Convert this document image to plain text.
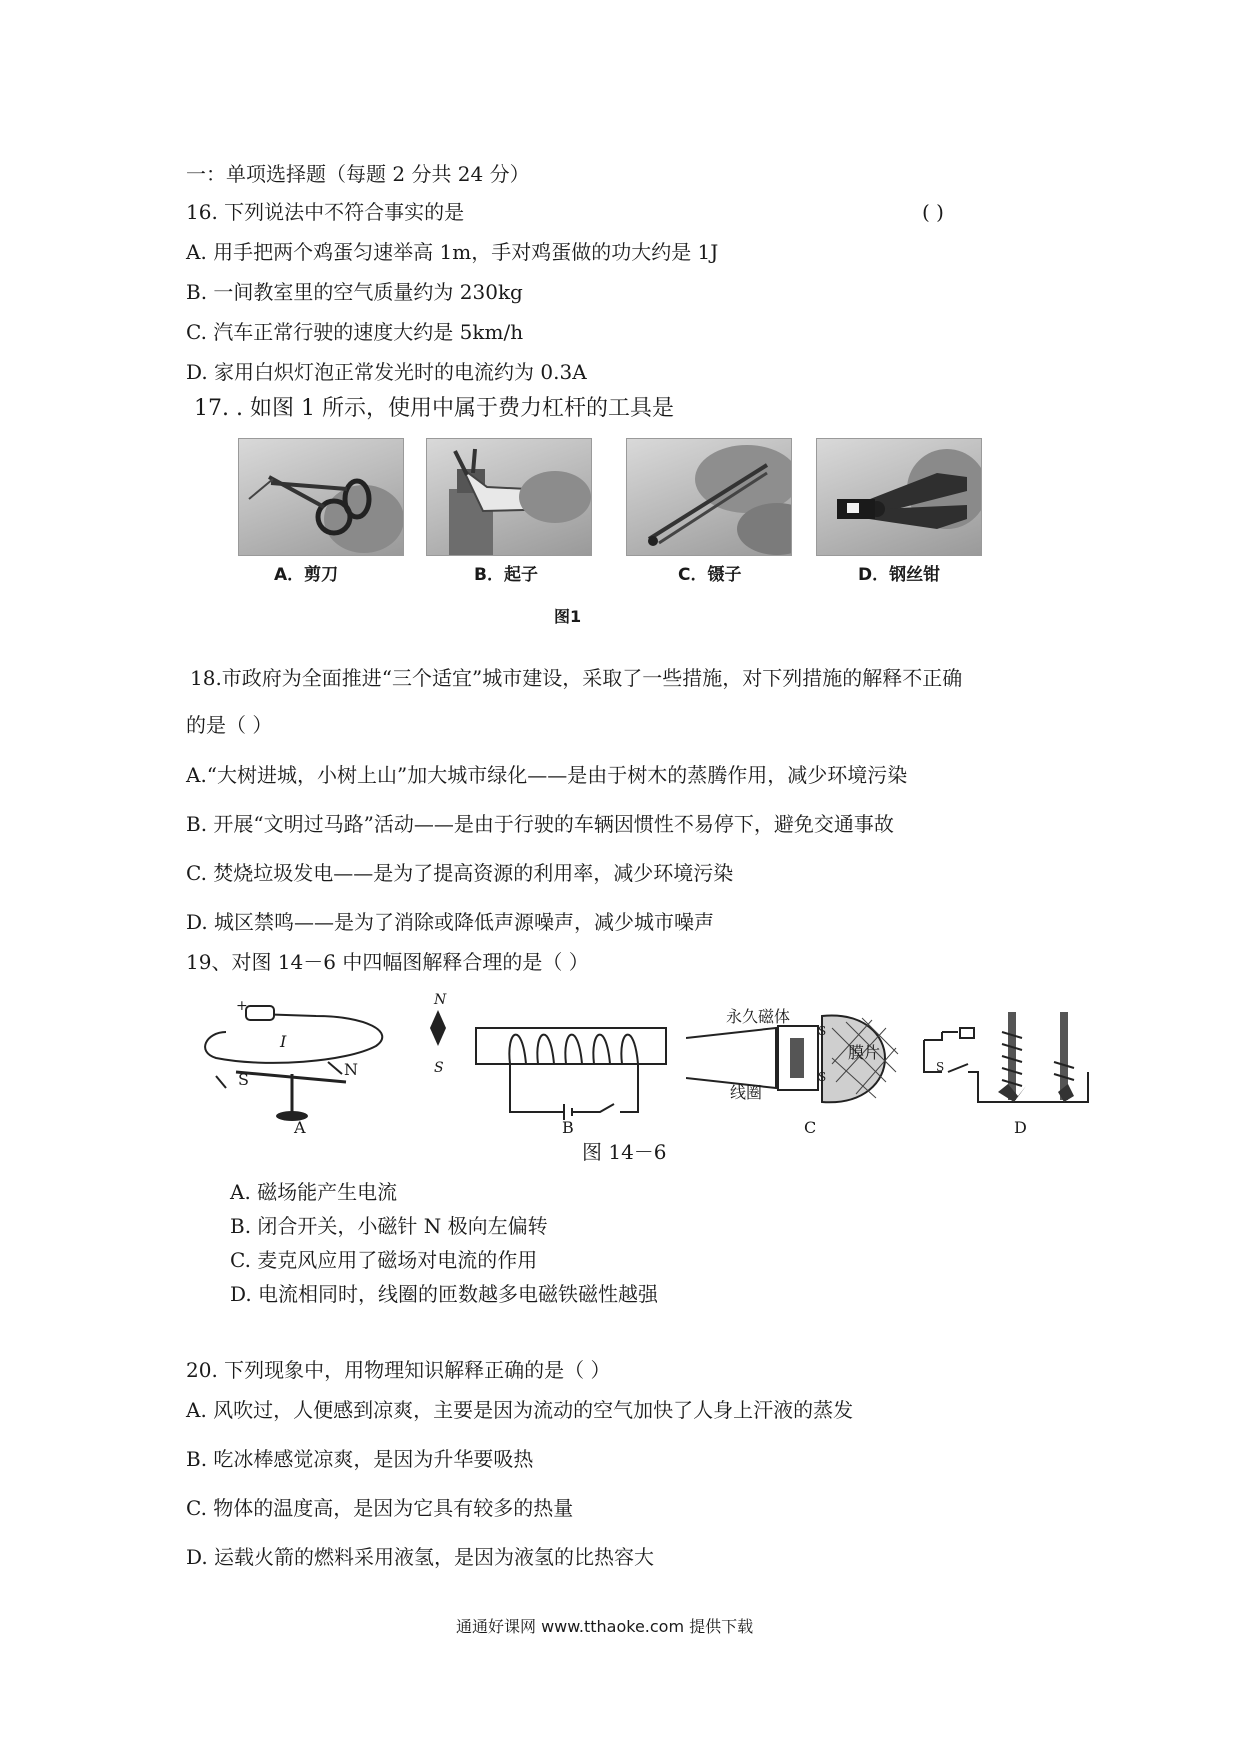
一：单项选择题（每题 2 分共 24 分）
16. 下列说法中不符合事实的是	( )
A. 用手把两个鸡蛋匀速举高 1m，手对鸡蛋做的功大约是 1J
B. 一间教室里的空气质量约为 230kg
C. 汽车正常行驶的速度大约是 5km/h
D. 家用白炽灯泡正常发光时的电流约为 0.3A
17. . 如图 1 所示，使用中属于费力杠杆的工具是
A．剪刀	B．起子	C．镊子	D．钢丝钳
图1
18.市政府为全面推进“三个适宜”城市建设，采取了一些措施，对下列措施的解释不正确
的是（ ）
A.“大树进城，小树上山”加大城市绿化——是由于树木的蒸腾作用，减少环境污染
B. 开展“文明过马路”活动——是由于行驶的车辆因惯性不易停下，避免交通事故
C. 焚烧垃圾发电——是为了提高资源的利用率，减少环境污染
D. 城区禁鸣——是为了消除或降低声源噪声，减少城市噪声
19、对图 14－6 中四幅图解释合理的是（ ）
+
I
S
N
A
N
S
B
永久磁体
膜片
线圈
S
S
C
S
D
图 14－6
A. 磁场能产生电流
B. 闭合开关，小磁针 N 极向左偏转
C. 麦克风应用了磁场对电流的作用
D. 电流相同时，线圈的匝数越多电磁铁磁性越强
20. 下列现象中，用物理知识解释正确的是（ ）
A. 风吹过，人便感到凉爽，主要是因为流动的空气加快了人身上汗液的蒸发
B. 吃冰棒感觉凉爽，是因为升华要吸热
C. 物体的温度高，是因为它具有较多的热量
D. 运载火箭的燃料采用液氢，是因为液氢的比热容大
通通好课网 www.tthaoke.com 提供下载
